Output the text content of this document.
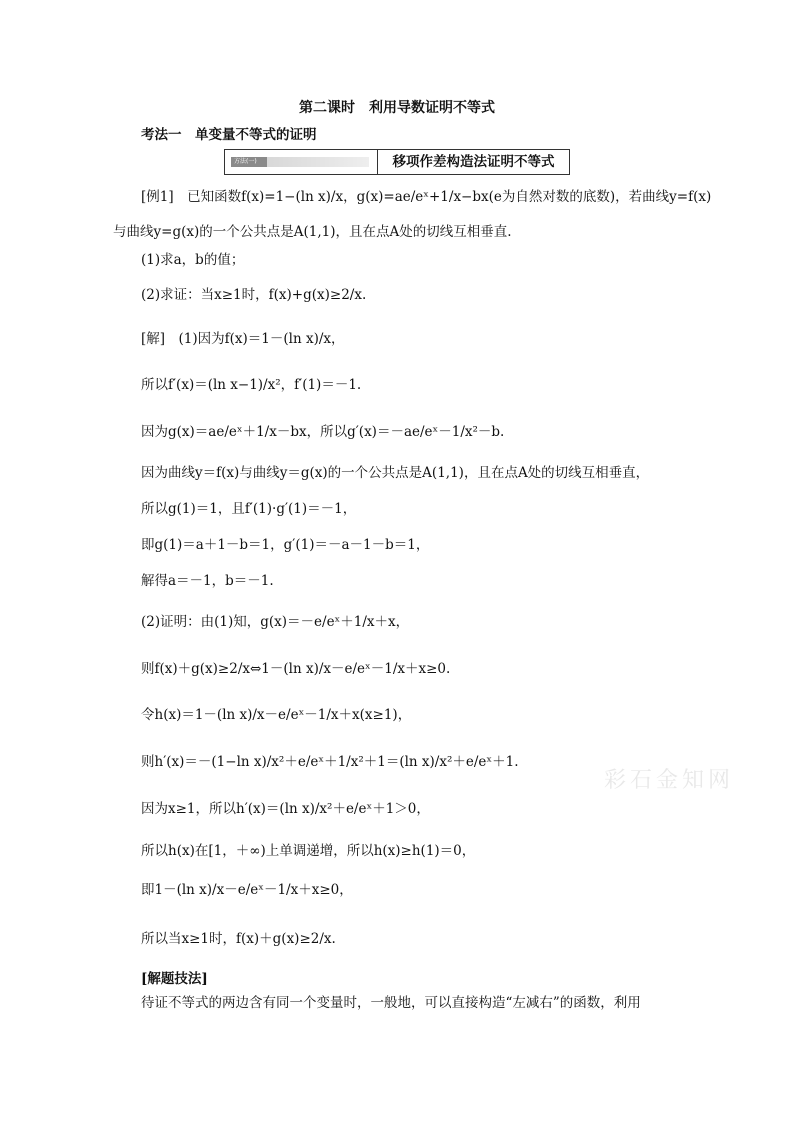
第二课时　利用导数证明不等式
考法一　单变量不等式的证明
方法(一)	移项作差构造法证明不等式
[例1]　已知函数f(x)=1−(ln x)/x，g(x)=ae/eˣ+1/x−bx(e为自然对数的底数)，若曲线y=f(x)
与曲线y=g(x)的一个公共点是A(1,1)，且在点A处的切线互相垂直.
(1)求a，b的值；
(2)求证：当x≥1时，f(x)+g(x)≥2/x.
[解]　(1)因为f(x)＝1－(ln x)/x，
所以f′(x)＝(ln x−1)/x²，f′(1)＝－1.
因为g(x)＝ae/eˣ＋1/x－bx，所以g′(x)＝－ae/eˣ－1/x²－b.
因为曲线y＝f(x)与曲线y＝g(x)的一个公共点是A(1,1)，且在点A处的切线互相垂直，
所以g(1)＝1，且f′(1)·g′(1)＝－1，
即g(1)＝a＋1－b＝1，g′(1)＝－a－1－b＝1，
解得a＝－1，b＝－1.
(2)证明：由(1)知，g(x)＝－e/eˣ＋1/x＋x，
则f(x)＋g(x)≥2/x⇔1－(ln x)/x－e/eˣ－1/x＋x≥0.
令h(x)＝1－(ln x)/x－e/eˣ－1/x＋x(x≥1)，
则h′(x)＝－(1−ln x)/x²＋e/eˣ＋1/x²＋1＝(ln x)/x²＋e/eˣ＋1.
因为x≥1，所以h′(x)＝(ln x)/x²＋e/eˣ＋1＞0，
所以h(x)在[1，＋∞)上单调递增，所以h(x)≥h(1)＝0，
即1－(ln x)/x－e/eˣ－1/x＋x≥0，
所以当x≥1时，f(x)＋g(x)≥2/x.
[解题技法]
待证不等式的两边含有同一个变量时，一般地，可以直接构造“左减右”的函数，利用
彩石金知网
